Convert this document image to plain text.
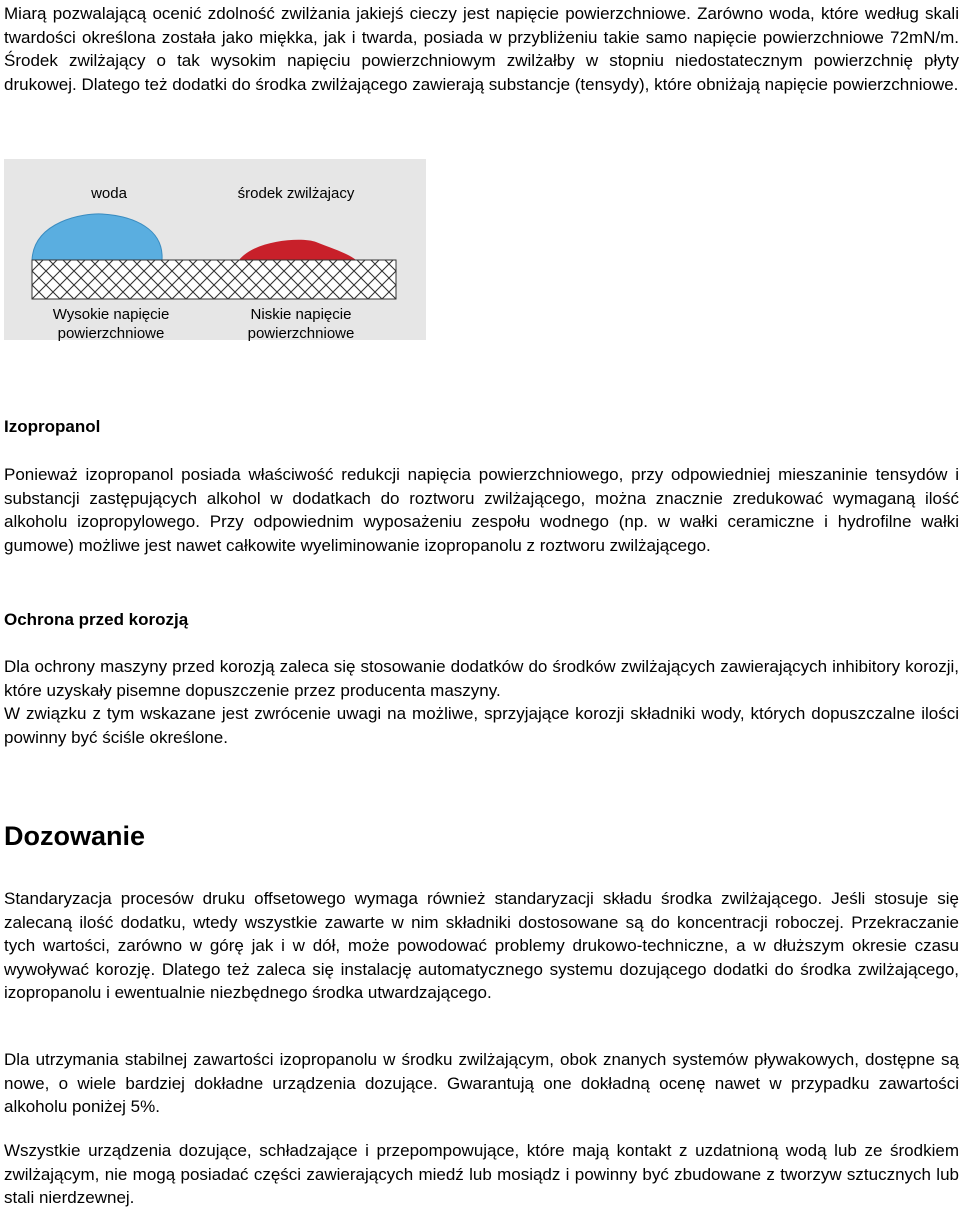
Miarą pozwalającą ocenić zdolność zwilżania jakiejś cieczy jest napięcie powierzchniowe. Zarówno woda, które według skali twardości określona została jako miękka, jak i twarda, posiada w przybliżeniu takie samo napięcie powierzchniowe 72mN/m. Środek zwilżający o tak wysokim napięciu powierzchniowym zwilżałby w stopniu niedostatecznym powierzchnię płyty drukowej. Dlatego też dodatki do środka zwilżającego zawierają substancje (tensydy), które obniżają napięcie powierzchniowe.

woda	środek zwilżajacy
Wysokie napięcie
powierzchniowe
Niskie napięcie
powierzchniowe
Izopropanol

Ponieważ izopropanol posiada właściwość redukcji napięcia powierzchniowego, przy odpowiedniej mieszaninie tensydów i substancji zastępujących alkohol w dodatkach do roztworu zwilżającego, można znacznie zredukować wymaganą ilość alkoholu izopropylowego. Przy odpowiednim wyposażeniu zespołu wodnego (np. w wałki ceramiczne i hydrofilne wałki gumowe) możliwe jest nawet całkowite wyeliminowanie izopropanolu z roztworu zwilżającego.

Ochrona przed korozją

Dla ochrony maszyny przed korozją zaleca się stosowanie dodatków do środków zwilżających zawierających inhibitory korozji, które uzyskały pisemne dopuszczenie przez producenta maszyny.

W związku z tym wskazane jest zwrócenie uwagi na możliwe, sprzyjające korozji składniki wody, których dopuszczalne ilości powinny być ściśle określone.

Dozowanie

Standaryzacja procesów druku offsetowego wymaga również standaryzacji składu środka zwilżającego. Jeśli stosuje się zalecaną ilość dodatku, wtedy wszystkie zawarte w nim składniki dostosowane są do koncentracji roboczej. Przekraczanie tych wartości, zarówno w górę jak i w dół, może powodować problemy drukowo-techniczne, a w dłuższym okresie czasu wywoływać korozję. Dlatego też zaleca się instalację automatycznego systemu dozującego dodatki do środka zwilżającego, izopropanolu i ewentualnie niezbędnego środka utwardzającego.

Dla utrzymania stabilnej zawartości izopropanolu w środku zwilżającym, obok znanych systemów pływakowych, dostępne są nowe, o wiele bardziej dokładne urządzenia dozujące. Gwarantują one dokładną ocenę nawet w przypadku zawartości alkoholu poniżej 5%.

Wszystkie urządzenia dozujące, schładzające i przepompowujące, które mają kontakt z uzdatnioną wodą lub ze środkiem zwilżającym, nie mogą posiadać części zawierających miedź lub mosiądz i powinny być zbudowane z tworzyw sztucznych lub stali nierdzewnej.
